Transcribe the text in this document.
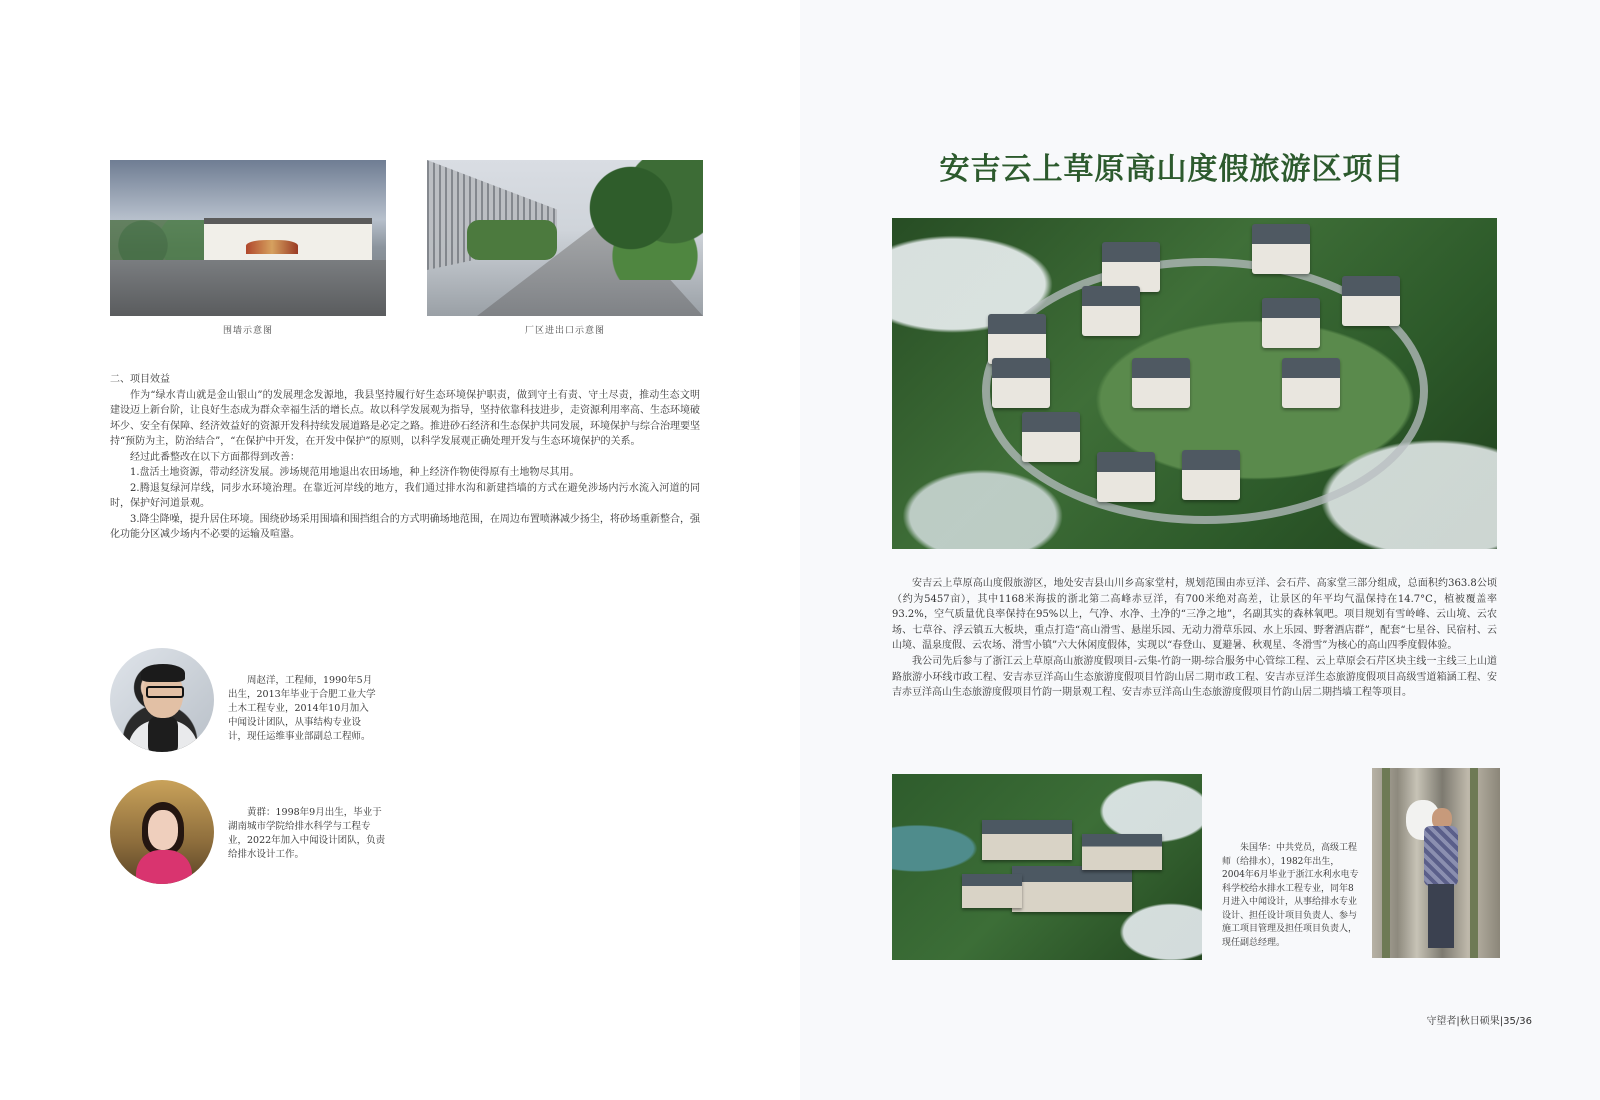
围墙示意图	厂区进出口示意图

二、项目效益

作为“绿水青山就是金山银山”的发展理念发源地，我县坚持履行好生态环境保护职责，做到守土有责、守土尽责，推动生态文明建设迈上新台阶，让良好生态成为群众幸福生活的增长点。故以科学发展观为指导，坚持依靠科技进步，走资源利用率高、生态环境破坏少、安全有保障、经济效益好的资源开发科持续发展道路是必定之路。推进砂石经济和生态保护共同发展，环境保护与综合治理要坚持“预防为主，防治结合”，“在保护中开发，在开发中保护”的原则，以科学发展观正确处理开发与生态环境保护的关系。

经过此番整改在以下方面都得到改善：

1.盘活土地资源，带动经济发展。涉场规范用地退出农田场地，种上经济作物使得原有土地物尽其用。

2.腾退复绿河岸线，同步水环境治理。在靠近河岸线的地方，我们通过排水沟和新建挡墙的方式在避免涉场内污水流入河道的同时，保护好河道景观。

3.降尘降噪，提升居住环境。围绕砂场采用围墙和围挡组合的方式明确场地范围，在周边布置喷淋减少扬尘，将砂场重新整合，强化功能分区减少场内不必要的运输及喧嚣。

周赵洋，工程师，1990年5月出生，2013年毕业于合肥工业大学土木工程专业，2014年10月加入中闻设计团队，从事结构专业设计，现任运维事业部副总工程师。

黄群：1998年9月出生，毕业于湖南城市学院给排水科学与工程专业，2022年加入中闻设计团队，负责给排水设计工作。

安吉云上草原高山度假旅游区项目

安吉云上草原高山度假旅游区，地处安吉县山川乡高家堂村，规划范围由赤豆洋、会石芹、高家堂三部分组成，总面积约363.8公顷（约为5457亩），其中1168米海拔的浙北第二高峰赤豆洋，有700米绝对高差，让景区的年平均气温保持在14.7°C，植被覆盖率93.2%，空气质量优良率保持在95%以上，气净、水净、土净的“三净之地”，名副其实的森林氧吧。项目规划有雪岭峰、云山境、云农场、七草谷、浮云镇五大板块，重点打造“高山滑雪、悬崖乐园、无动力滑草乐园、水上乐园、野奢酒店群”，配套“七星谷、民宿村、云山境、温泉度假、云农场、滑雪小镇”六大休闲度假体，实现以“春登山、夏避暑、秋观星、冬滑雪”为核心的高山四季度假体验。

我公司先后参与了浙江云上草原高山旅游度假项目-云集-竹韵一期-综合服务中心管综工程、云上草原会石芹区块主线一主线三上山道路旅游小环线市政工程、安吉赤豆洋高山生态旅游度假项目竹韵山居二期市政工程、安吉赤豆洋生态旅游度假项目高级雪道箱涵工程、安吉赤豆洋高山生态旅游度假项目竹韵一期景观工程、安吉赤豆洋高山生态旅游度假项目竹韵山居二期挡墙工程等项目。

朱国华：中共党员，高级工程师（给排水），1982年出生，2004年6月毕业于浙江水利水电专科学校给水排水工程专业，同年8月进入中闻设计，从事给排水专业设计、担任设计项目负责人、参与施工项目管理及担任项目负责人，现任副总经理。

守望者|秋日硕果|35/36
